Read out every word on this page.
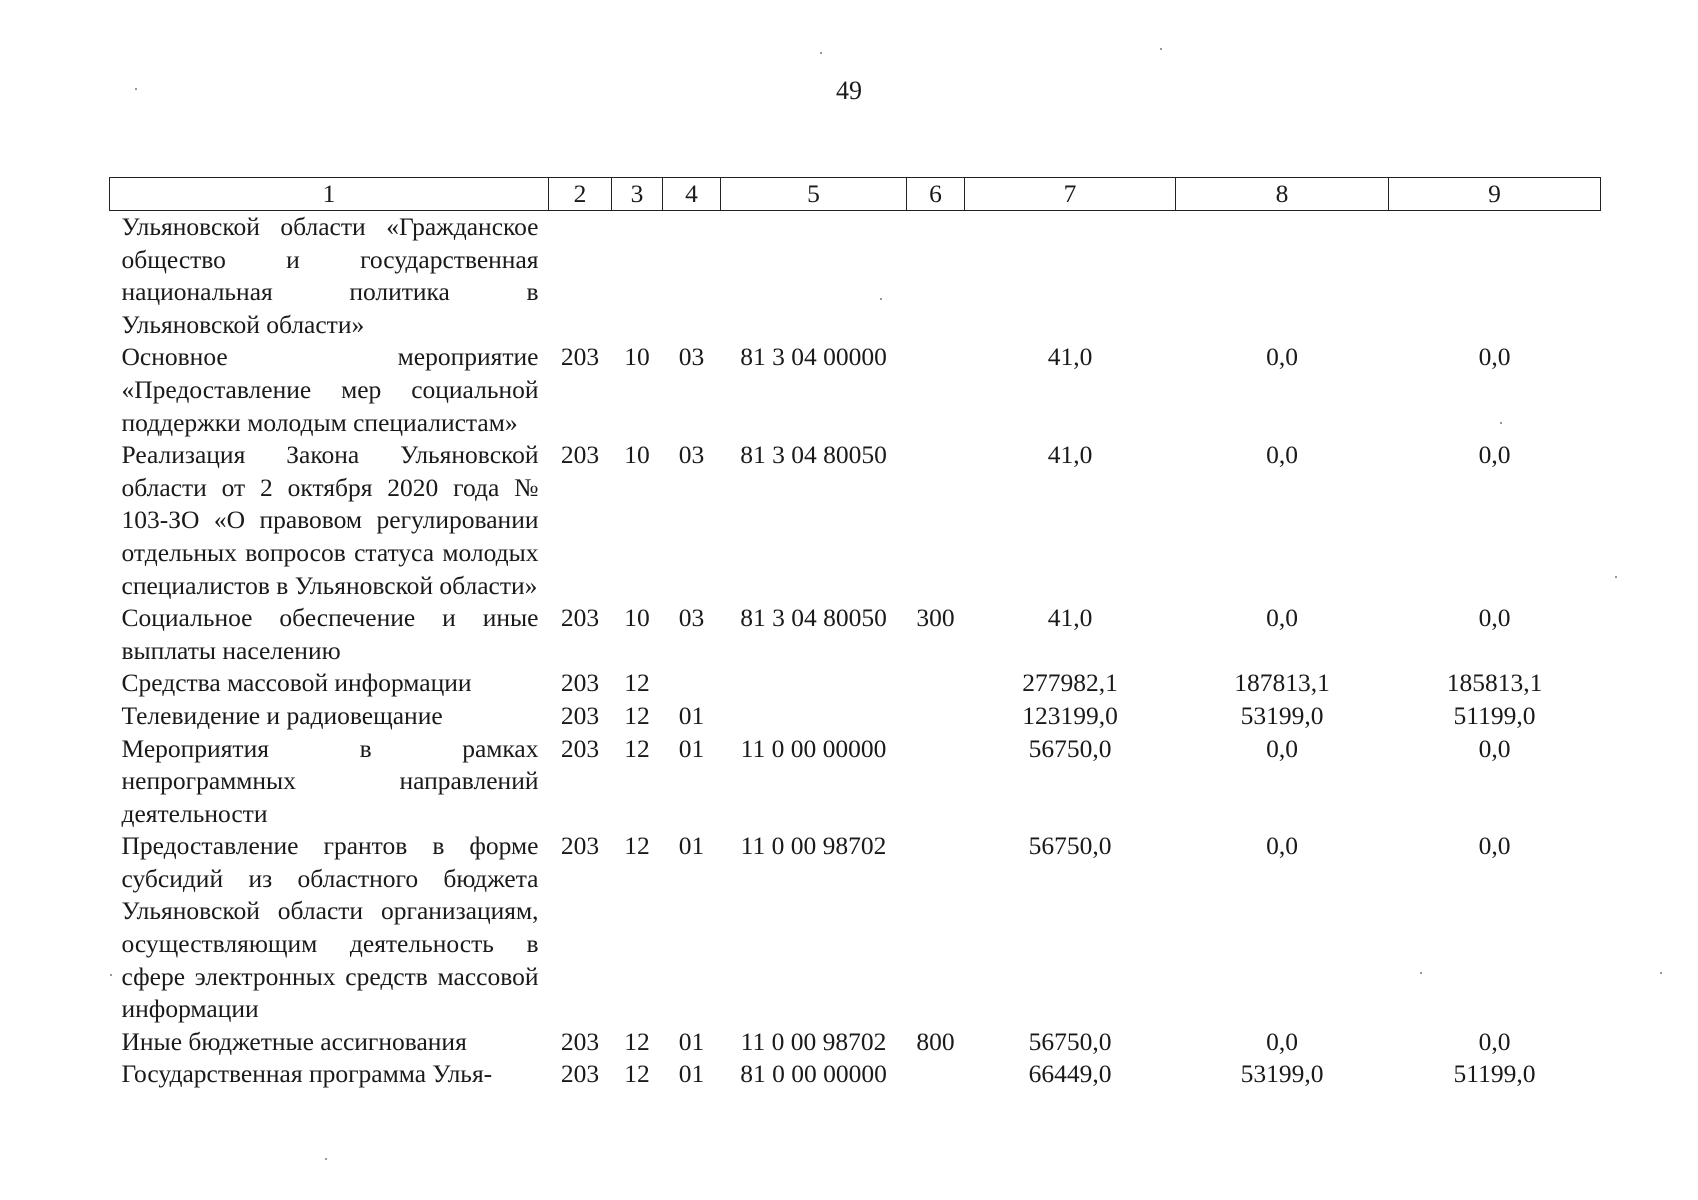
49
1	2	3	4	5	6	7	8	9
Ульяновской области «Гражданское общество и государственная национальная политика в Ульяновской области»								
Основное мероприятие «Предоставление мер социальной поддержки молодым специалистам»	203	10	03	81 3 04 00000		41,0	0,0	0,0
Реализация Закона Ульяновской области от 2 октября 2020 года № 103-ЗО «О правовом регулировании отдельных вопросов статуса молодых специалистов в Ульяновской области»	203	10	03	81 3 04 80050		41,0	0,0	0,0
Социальное обеспечение и иные выплаты населению	203	10	03	81 3 04 80050	300	41,0	0,0	0,0
Средства массовой информации	203	12				277982,1	187813,1	185813,1
Телевидение и радиовещание	203	12	01			123199,0	53199,0	51199,0
Мероприятия в рамках непрограммных направлений деятельности	203	12	01	11 0 00 00000		56750,0	0,0	0,0
Предоставление грантов в форме субсидий из областного бюджета Ульяновской области организациям, осуществляющим деятельность в сфере электронных средств массовой информации	203	12	01	11 0 00 98702		56750,0	0,0	0,0
Иные бюджетные ассигнования	203	12	01	11 0 00 98702	800	56750,0	0,0	0,0
Государственная программа Улья-	203	12	01	81 0 00 00000		66449,0	53199,0	51199,0
